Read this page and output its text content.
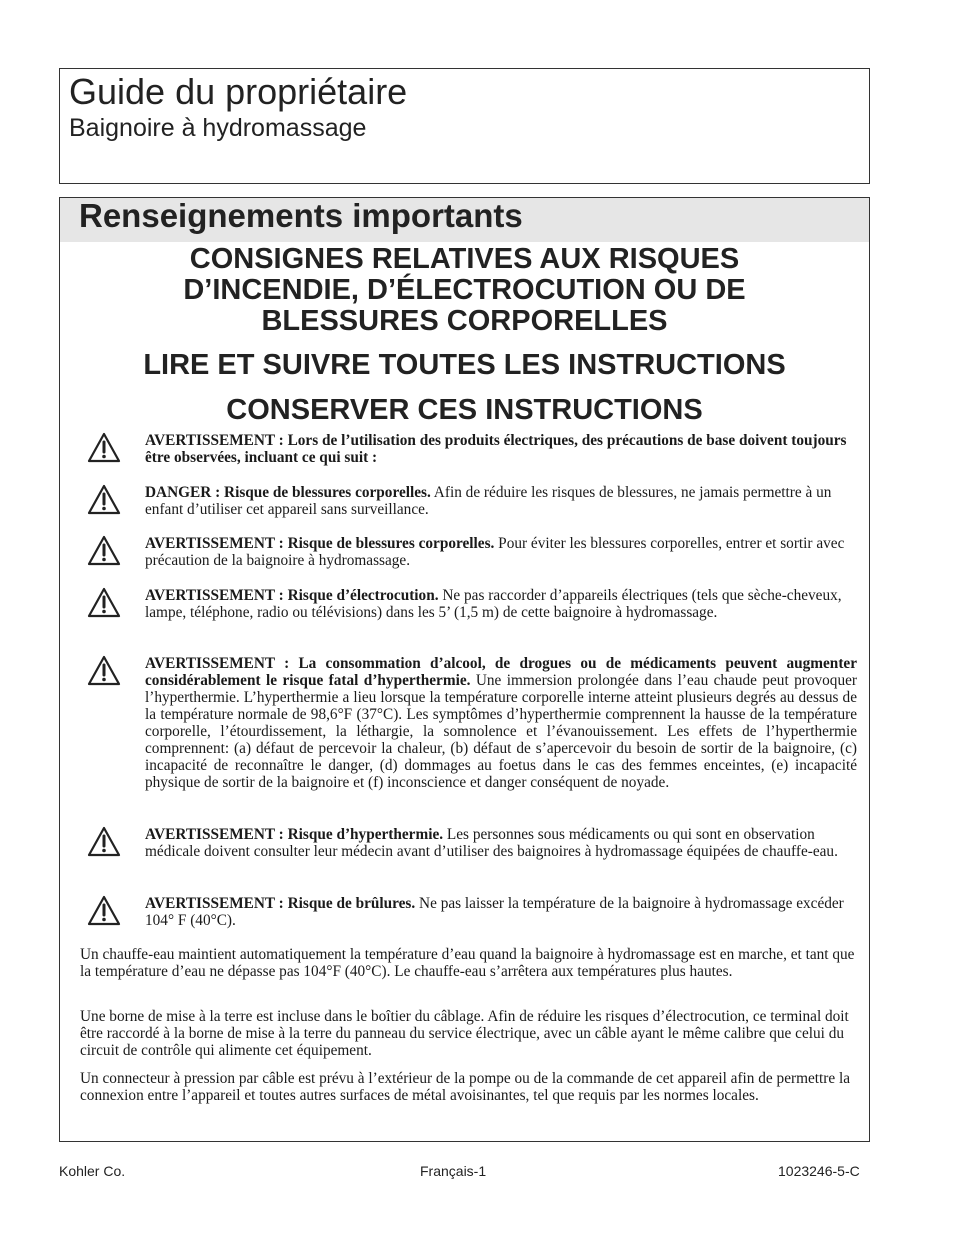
Guide du propriétaire
Baignoire à hydromassage
Renseignements importants
CONSIGNES RELATIVES AUX RISQUES
D’INCENDIE, D’ÉLECTROCUTION OU DE
BLESSURES CORPORELLES
LIRE ET SUIVRE TOUTES LES INSTRUCTIONS
CONSERVER CES INSTRUCTIONS
AVERTISSEMENT : Lors de l’utilisation des produits électriques, des précautions de base doivent toujours être observées, incluant ce qui suit :
DANGER : Risque de blessures corporelles. Afin de réduire les risques de blessures, ne jamais permettre à un enfant d’utiliser cet appareil sans surveillance.
AVERTISSEMENT : Risque de blessures corporelles. Pour éviter les blessures corporelles, entrer et sortir avec précaution de la baignoire à hydromassage.
AVERTISSEMENT : Risque d’électrocution. Ne pas raccorder d’appareils électriques (tels que sèche-cheveux, lampe, téléphone, radio ou télévisions) dans les 5’ (1,5 m) de cette baignoire à hydromassage.
AVERTISSEMENT : La consommation d’alcool, de drogues ou de médicaments peuvent augmenter considérablement le risque fatal d’hyperthermie. Une immersion prolongée dans l’eau chaude peut provoquer l’hyperthermie. L’hyperthermie a lieu lorsque la température corporelle interne atteint plusieurs degrés au dessus de la température normale de 98,6°F (37°C). Les symptômes d’hyperthermie comprennent la hausse de la température corporelle, l’étourdissement, la léthargie, la somnolence et l’évanouissement. Les effets de l’hyperthermie comprennent: (a) défaut de percevoir la chaleur, (b) défaut de s’apercevoir du besoin de sortir de la baignoire, (c) incapacité de reconnaître le danger, (d) dommages au foetus dans le cas des femmes enceintes, (e) incapacité physique de sortir de la baignoire et (f) inconscience et danger conséquent de noyade.
AVERTISSEMENT : Risque d’hyperthermie. Les personnes sous médicaments ou qui sont en observation médicale doivent consulter leur médecin avant d’utiliser des baignoires à hydromassage équipées de chauffe-eau.
AVERTISSEMENT : Risque de brûlures. Ne pas laisser la température de la baignoire à hydromassage excéder 104° F (40°C).
Un chauffe-eau maintient automatiquement la température d’eau quand la baignoire à hydromassage est en marche, et tant que la température d’eau ne dépasse pas 104°F (40°C). Le chauffe-eau s’arrêtera aux températures plus hautes.
Une borne de mise à la terre est incluse dans le boîtier du câblage. Afin de réduire les risques d’électrocution, ce terminal doit être raccordé à la borne de mise à la terre du panneau du service électrique, avec un câble ayant le même calibre que celui du circuit de contrôle qui alimente cet équipement.
Un connecteur à pression par câble est prévu à l’extérieur de la pompe ou de la commande de cet appareil afin de permettre la connexion entre l’appareil et toutes autres surfaces de métal avoisinantes, tel que requis par les normes locales.
Kohler Co.	Français-1	1023246-5-C
